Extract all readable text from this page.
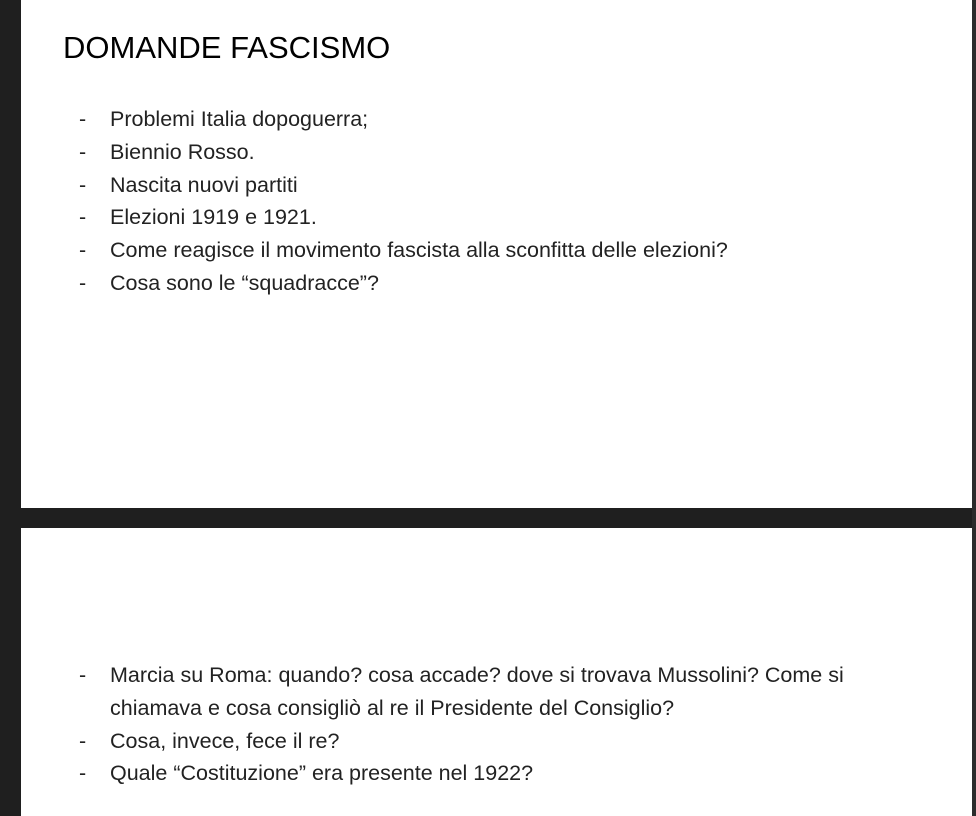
DOMANDE FASCISMO
- Problemi Italia dopoguerra;
- Biennio Rosso.
- Nascita nuovi partiti
- Elezioni 1919 e 1921.
- Come reagisce il movimento fascista alla sconfitta delle elezioni?
- Cosa sono le “squadracce”?
- Marcia su Roma: quando? cosa accade? dove si trovava Mussolini? Come si chiamava e cosa consigliò al re il Presidente del Consiglio?
- Cosa, invece, fece il re?
- Quale “Costituzione” era presente nel 1922?
